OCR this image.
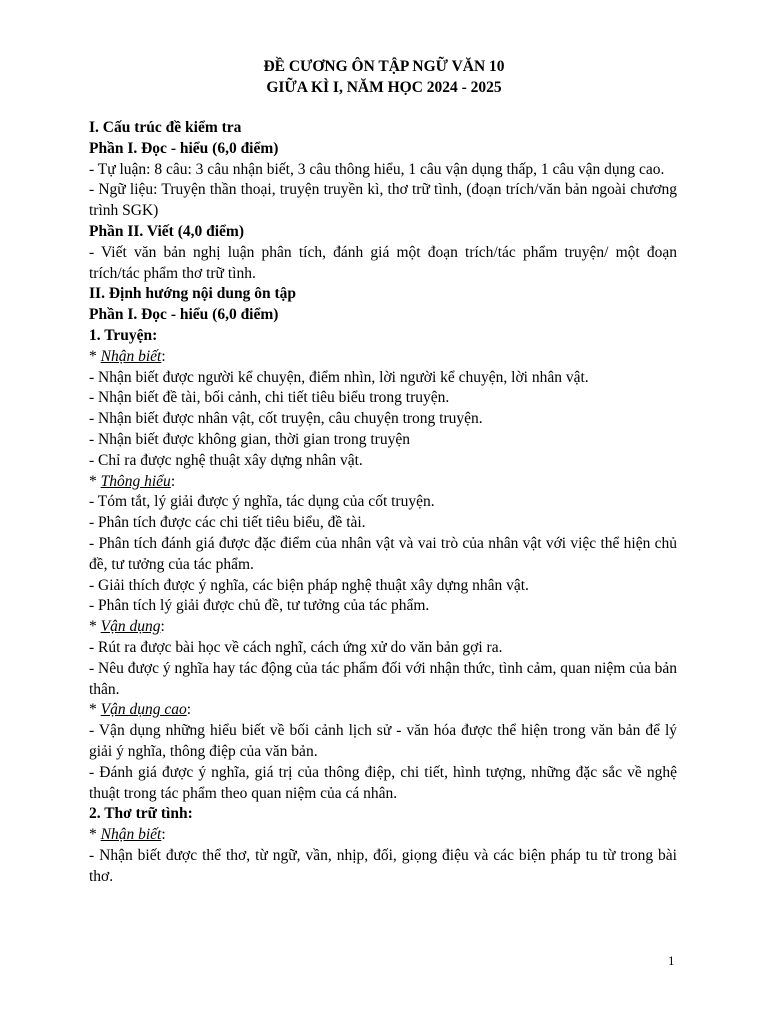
ĐỀ CƯƠNG ÔN TẬP NGỮ VĂN 10
GIỮA KÌ I, NĂM HỌC 2024 - 2025

I. Cấu trúc đề kiểm tra

Phần I. Đọc - hiểu (6,0 điểm)

- Tự luận: 8 câu: 3 câu nhận biết, 3 câu thông hiểu, 1 câu vận dụng thấp, 1 câu vận dụng cao.

- Ngữ liệu: Truyện thần thoại, truyện truyền kì, thơ trữ tình, (đoạn trích/văn bản ngoài chương trình SGK)

Phần II. Viết (4,0 điểm)

- Viết văn bản nghị luận phân tích, đánh giá một đoạn trích/tác phẩm truyện/ một đoạn trích/tác phẩm thơ trữ tình.

II. Định hướng nội dung ôn tập

Phần I. Đọc - hiểu (6,0 điểm)

1. Truyện:

* Nhận biết:

- Nhận biết được người kể chuyện, điểm nhìn, lời người kể chuyện, lời nhân vật.

- Nhận biết đề tài, bối cảnh, chi tiết tiêu biểu trong truyện.

- Nhận biết được nhân vật, cốt truyện, câu chuyện trong truyện.

- Nhận biết được không gian, thời gian trong truyện

- Chỉ ra được nghệ thuật xây dựng nhân vật.

* Thông hiểu:

- Tóm tắt, lý giải được ý nghĩa, tác dụng của cốt truyện.

- Phân tích được các chi tiết tiêu biểu, đề tài.

- Phân tích đánh giá được đặc điểm của nhân vật và vai trò của nhân vật với việc thể hiện chủ đề, tư tưởng của tác phẩm.

- Giải thích được ý nghĩa, các biện pháp nghệ thuật xây dựng nhân vật.

- Phân tích lý giải được chủ đề, tư tưởng của tác phẩm.

* Vận dụng:

- Rút ra được bài học về cách nghĩ, cách ứng xử do văn bản gợi ra.

- Nêu được ý nghĩa hay tác động của tác phẩm đối với nhận thức, tình cảm, quan niệm của bản thân.

* Vận dụng cao:

- Vận dụng những hiểu biết về bối cảnh lịch sử - văn hóa được thể hiện trong văn bản để lý giải ý nghĩa, thông điệp của văn bản.

- Đánh giá được ý nghĩa, giá trị của thông điệp, chi tiết, hình tượng, những đặc sắc về nghệ thuật trong tác phẩm theo quan niệm của cá nhân.

2. Thơ trữ tình:

* Nhận biết:

- Nhận biết được thể thơ, từ ngữ, vần, nhịp, đối, giọng điệu và các biện pháp tu từ trong bài thơ.

1
